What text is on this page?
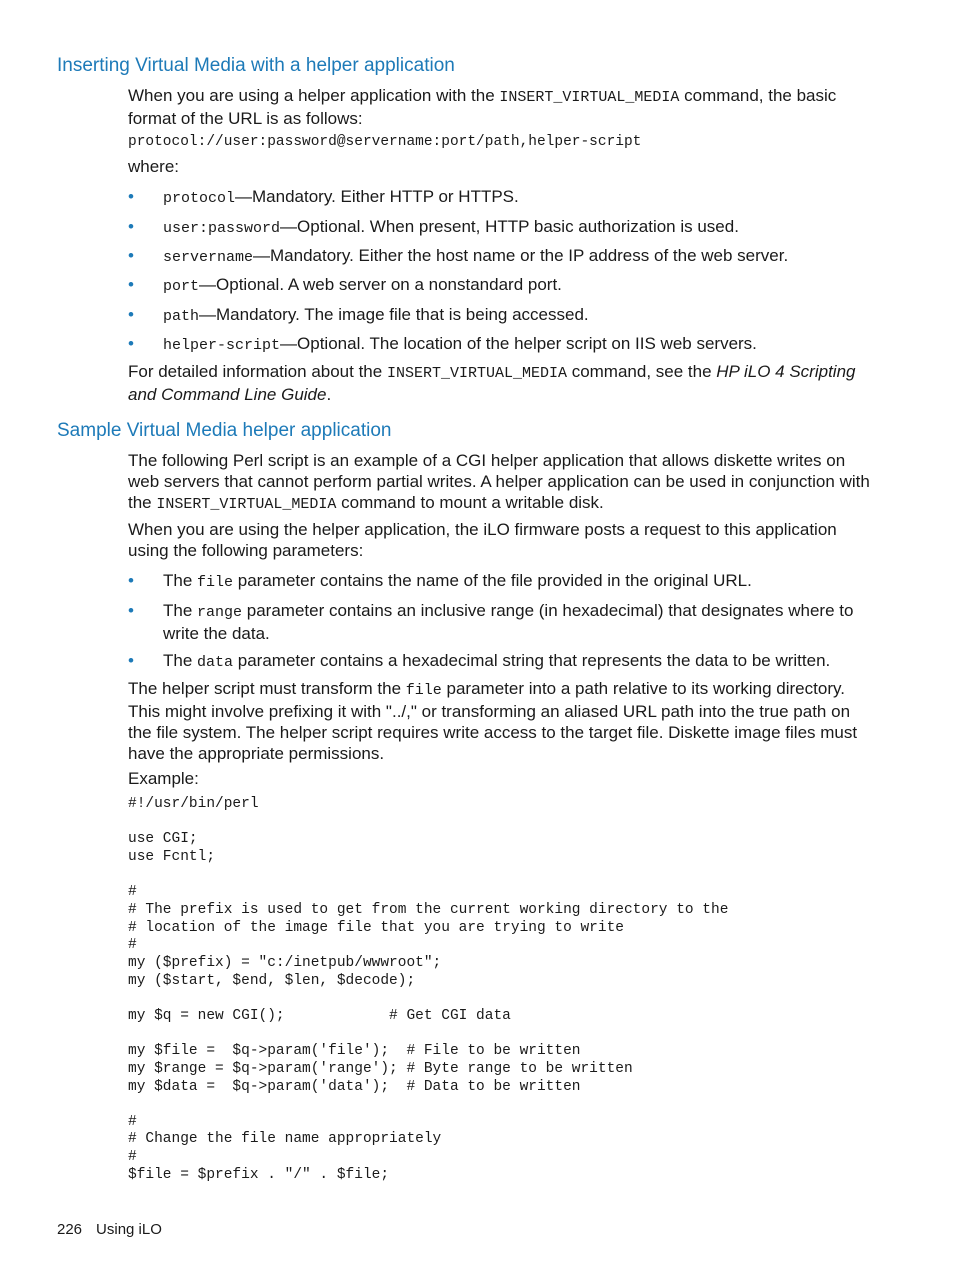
Inserting Virtual Media with a helper application

When you are using a helper application with the INSERT_VIRTUAL_MEDIA command, the basic format of the URL is as follows:

protocol://user:password@servername:port/path,helper-script

where:

• protocol—Mandatory. Either HTTP or HTTPS.
• user:password—Optional. When present, HTTP basic authorization is used.
• servername—Mandatory. Either the host name or the IP address of the web server.
• port—Optional. A web server on a nonstandard port.
• path—Mandatory. The image file that is being accessed.
• helper-script—Optional. The location of the helper script on IIS web servers.

For detailed information about the INSERT_VIRTUAL_MEDIA command, see the HP iLO 4 Scripting and Command Line Guide.

Sample Virtual Media helper application

The following Perl script is an example of a CGI helper application that allows diskette writes on web servers that cannot perform partial writes. A helper application can be used in conjunction with the INSERT_VIRTUAL_MEDIA command to mount a writable disk.

When you are using the helper application, the iLO firmware posts a request to this application using the following parameters:

• The file parameter contains the name of the file provided in the original URL.
• The range parameter contains an inclusive range (in hexadecimal) that designates where to write the data.
• The data parameter contains a hexadecimal string that represents the data to be written.

The helper script must transform the file parameter into a path relative to its working directory. This might involve prefixing it with "../," or transforming an aliased URL path into the true path on the file system. The helper script requires write access to the target file. Diskette image files must have the appropriate permissions.

Example:

#!/usr/bin/perl

use CGI;
use Fcntl;

#
# The prefix is used to get from the current working directory to the
# location of the image file that you are trying to write
#
my ($prefix) = "c:/inetpub/wwwroot";
my ($start, $end, $len, $decode);

my $q = new CGI();            # Get CGI data

my $file =  $q->param('file');  # File to be written
my $range = $q->param('range'); # Byte range to be written
my $data =  $q->param('data');  # Data to be written

#
# Change the file name appropriately
#
$file = $prefix . "/" . $file;
226 Using iLO
